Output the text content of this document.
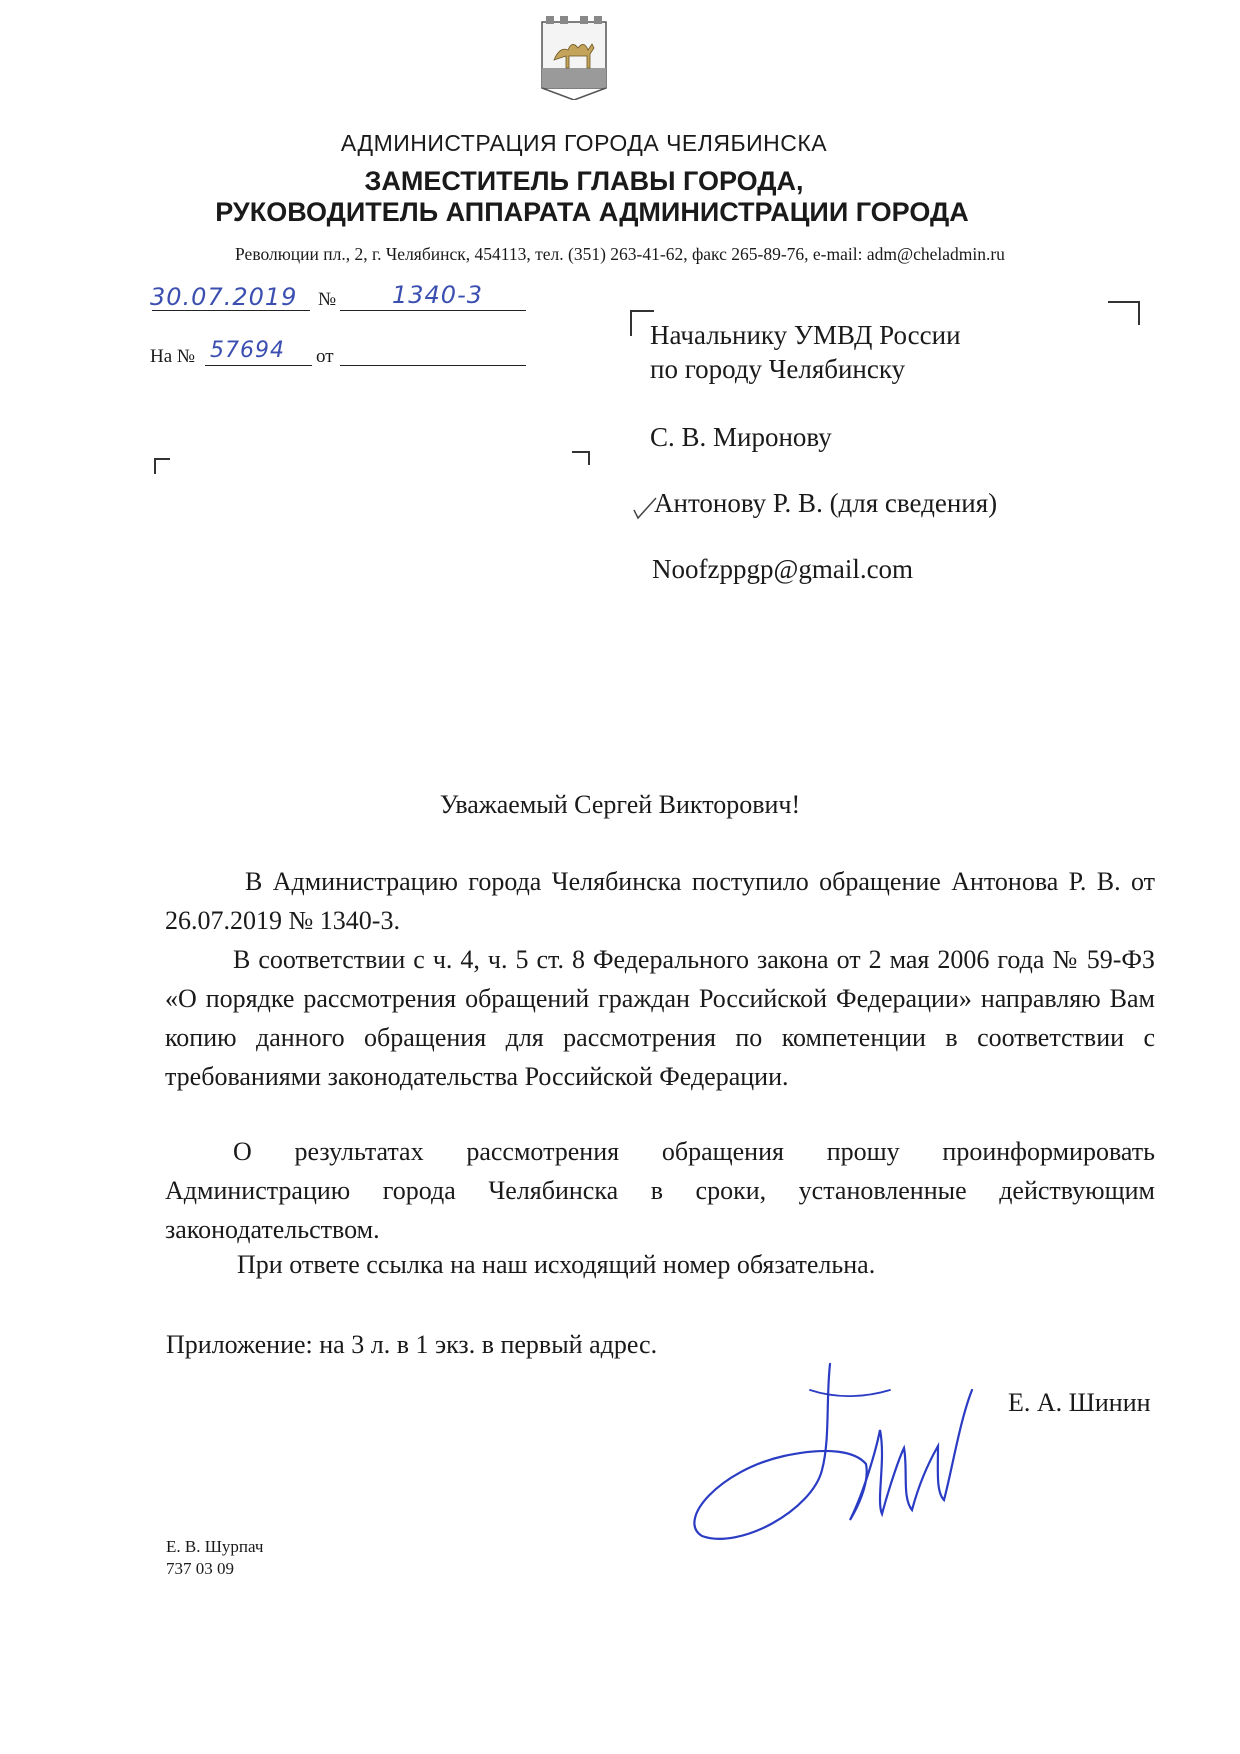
АДМИНИСТРАЦИЯ ГОРОДА ЧЕЛЯБИНСКА
ЗАМЕСТИТЕЛЬ ГЛАВЫ ГОРОДА,
РУКОВОДИТЕЛЬ АППАРАТА АДМИНИСТРАЦИИ ГОРОДА
Революции пл., 2, г. Челябинск, 454113, тел. (351) 263-41-62, факс 265-89-76, e-mail: adm@cheladmin.ru
30.07.2019 № 1340-3
На № 57694 от
Начальнику УМВД России
по городу Челябинску
С. В. Миронову
Антонову Р. В. (для сведения)
Noofzppgp@gmail.com
Уважаемый Сергей Викторович!
В Администрацию города Челябинска поступило обращение Антонова Р. В. от 26.07.2019 № 1340-3.
В соответствии с ч. 4, ч. 5 ст. 8 Федерального закона от 2 мая 2006 года № 59-ФЗ «О порядке рассмотрения обращений граждан Российской Федерации» направляю Вам копию данного обращения для рассмотрения по компетенции в соответствии с требованиями законодательства Российской Федерации.
О результатах рассмотрения обращения прошу проинформировать Администрацию города Челябинска в сроки, установленные действующим законодательством.
При ответе ссылка на наш исходящий номер обязательна.
Приложение: на 3 л. в 1 экз. в первый адрес.
Е. А. Шинин
Е. В. Шурпач
737 03 09
